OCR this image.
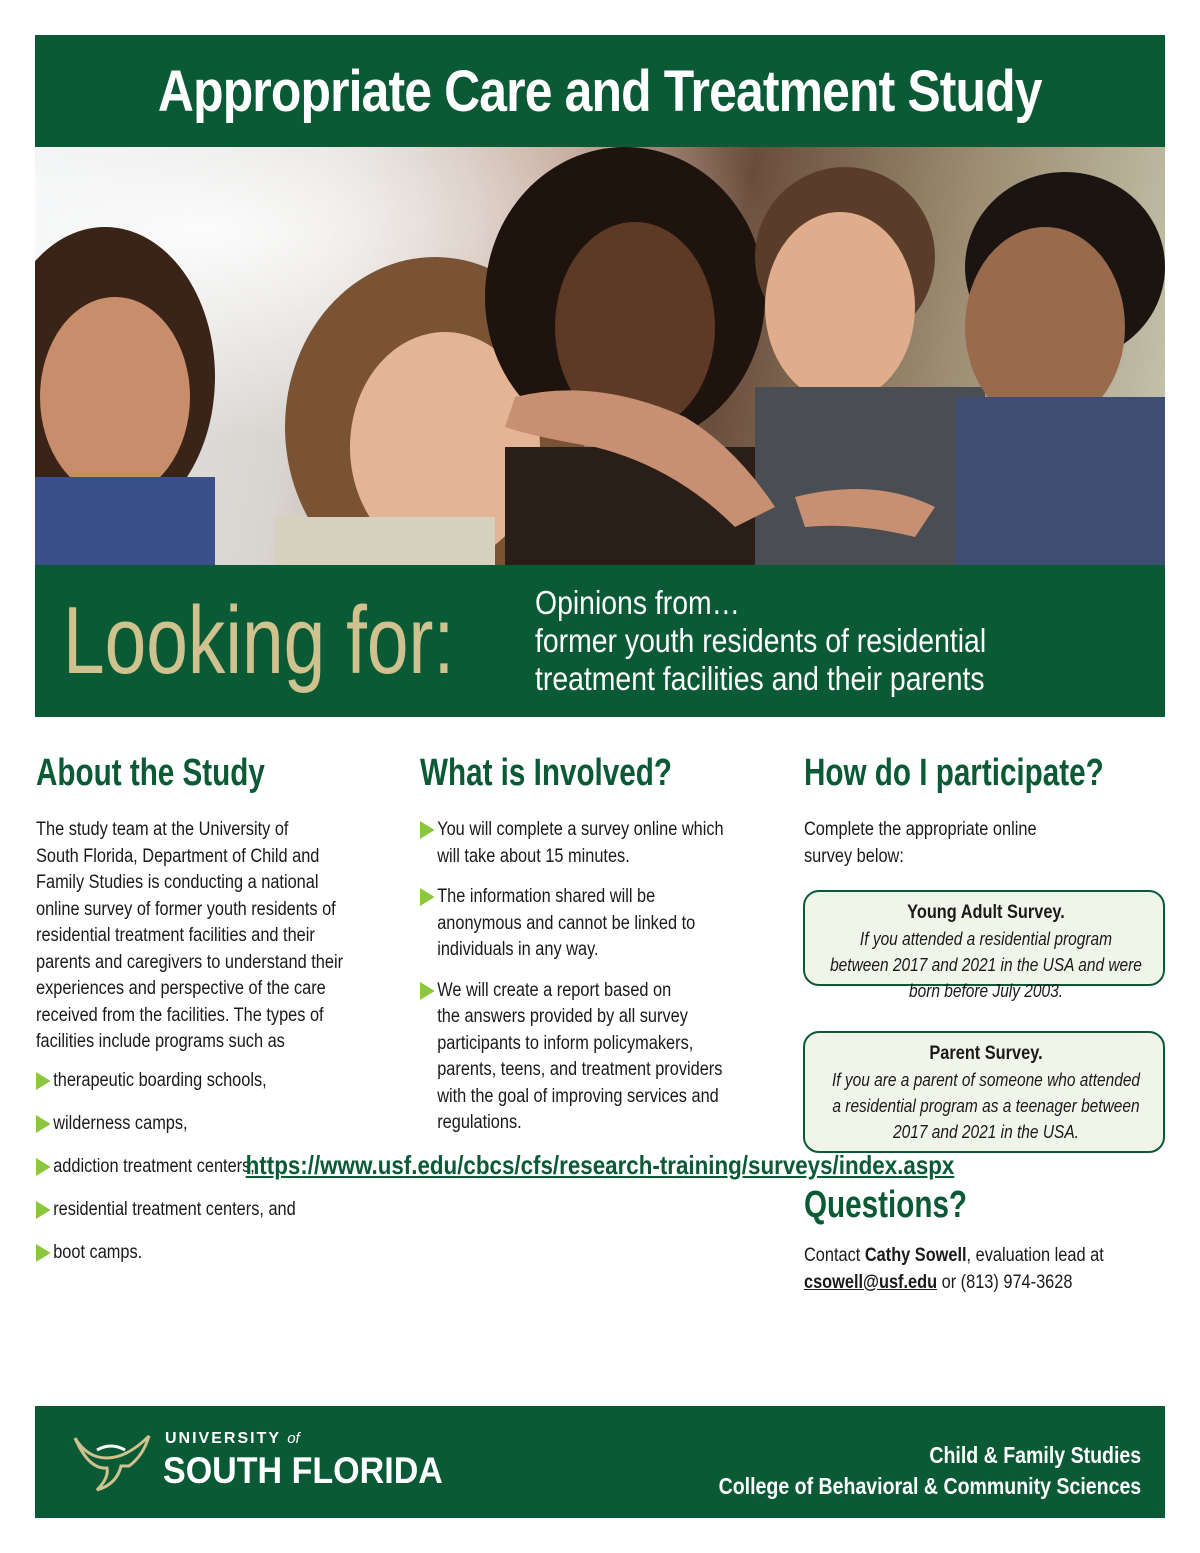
Appropriate Care and Treatment Study
Looking for: Opinions from…
former youth residents of residential
treatment facilities and their parents
About the Study
The study team at the University of
South Florida, Department of Child and
Family Studies is conducting a national
online survey of former youth residents of
residential treatment facilities and their
parents and caregivers to understand their
experiences and perspective of the care
received from the facilities. The types of
facilities include programs such as
therapeutic boarding schools,
wilderness camps,
addiction treatment centers,
residential treatment centers, and
boot camps.
What is Involved?
You will complete a survey online which
will take about 15 minutes.
The information shared will be
anonymous and cannot be linked to
individuals in any way.
We will create a report based on
the answers provided by all survey
participants to inform policymakers,
parents, teens, and treatment providers
with the goal of improving services and
regulations.
How do I participate?
Complete the appropriate online
survey below:
Young Adult Survey.
If you attended a residential program
between 2017 and 2021 in the USA and were
born before July 2003.
Parent Survey.
If you are a parent of someone who attended
a residential program as a teenager between
2017 and 2021 in the USA.
Questions?
Contact Cathy Sowell, evaluation lead at
csowell@usf.edu or (813) 974-3628
https://www.usf.edu/cbcs/cfs/research-training/surveys/index.aspx
UNIVERSITY of
SOUTH FLORIDA	Child & Family Studies
College of Behavioral & Community Sciences
